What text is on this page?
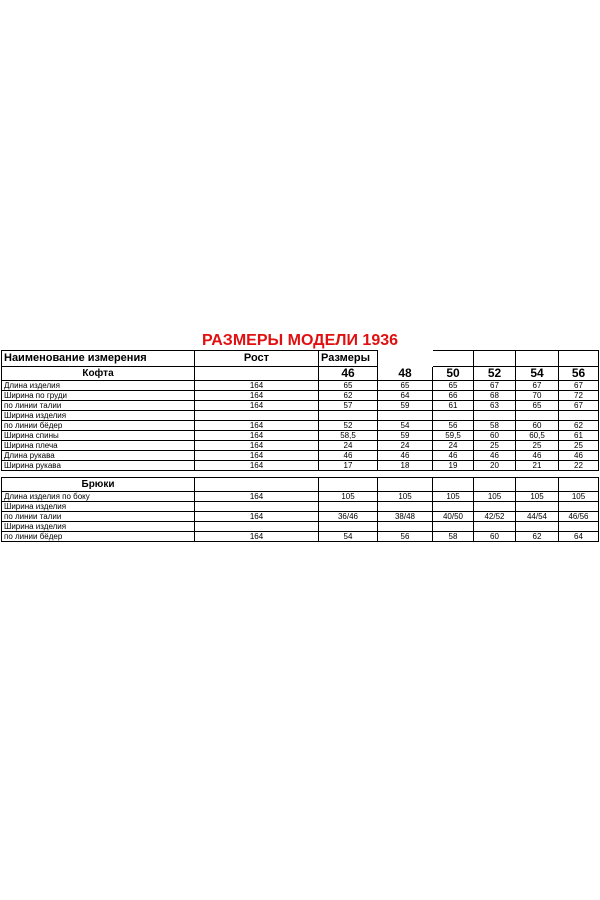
РАЗМЕРЫ МОДЕЛИ 1936
Наименование измерения	Рост	Размеры					
Кофта		46	48	50	52	54	56
Длина изделия	164	65	65	65	67	67	67
Ширина по груди	164	62	64	66	68	70	72
по линии талии	164	57	59	61	63	65	67
Ширина изделия							
по линии бёдер	164	52	54	56	58	60	62
Ширина спины	164	58,5	59	59,5	60	60,5	61
Ширина плеча	164	24	24	24	25	25	25
Длина рукава	164	46	46	46	46	46	46
Ширина рукава	164	17	18	19	20	21	22

Брюки							
Длина изделия по боку	164	105	105	105	105	105	105
Ширина изделия							
по линии талии	164	36/46	38/48	40/50	42/52	44/54	46/56
Ширина изделия							
по линии бёдер	164	54	56	58	60	62	64
